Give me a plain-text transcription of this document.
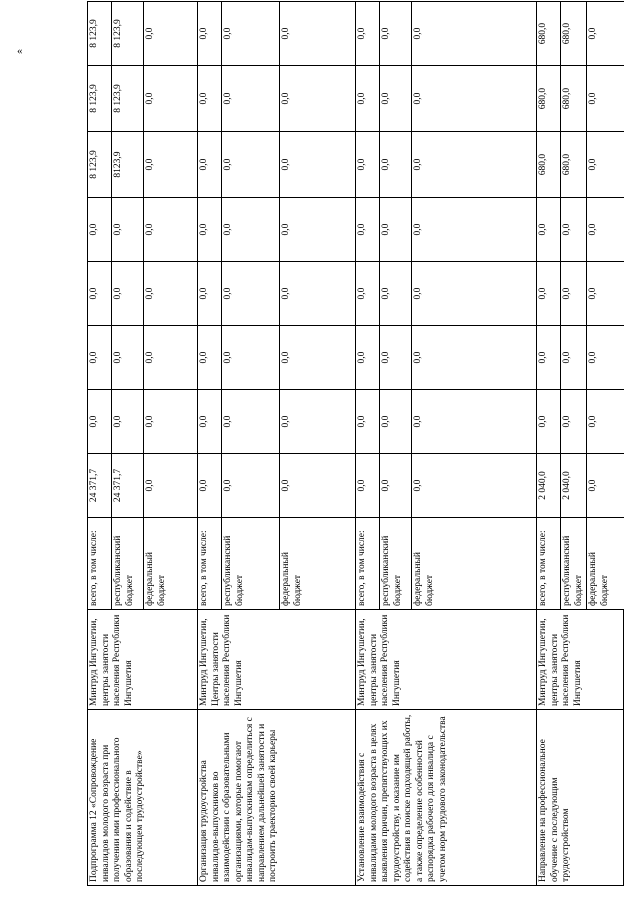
«
Подпрограмма 12 «Сопровождение инвалидов молодого возраста при получении ими профессионального образования и содействие в последующем трудоустройстве»	Минтруд Ингушетии, центры занятости населения Республики Ингушетия	всего, в том числе:	24 371,7	0,0	0,0	0,0	0,0	8 123,9	8 123,9	8 123,9
		республиканский бюджет	24 371,7	0,0	0,0	0,0	0,0	8123,9	8 123,9	8 123,9
		федеральный бюджет	0,0	0,0	0,0	0,0	0,0	0,0	0,0	0,0
Организация трудоустройства инвалидов-выпускников во взаимодействии с образовательными организациями, которые помогают инвалидам-выпускникам определиться с направлением дальнейшей занятости и построить траекторию своей карьеры	Минтруд Ингушетии, Центры занятости населения Республики Ингушетия	всего, в том числе:	0,0	0,0	0,0	0,0	0,0	0,0	0,0	0,0
		республиканский бюджет	0,0	0,0	0,0	0,0	0,0	0,0	0,0	0,0
		федеральный бюджет	0,0	0,0	0,0	0,0	0,0	0,0	0,0	0,0
Установление взаимодействия с инвалидами молодого возраста в целях выявления причин, препятствующих их трудоустройству, и оказание им содействия в поиске подходящей работы, а также определение особенностей распорядка рабочего для инвалида с учетом норм трудового законодательства	Минтруд Ингушетии, центры занятости населения Республики Ингушетия	всего, в том числе:	0,0	0,0	0,0	0,0	0,0	0,0	0,0	0,0
		республиканский бюджет	0,0	0,0	0,0	0,0	0,0	0,0	0,0	0,0
		федеральный бюджет	0,0	0,0	0,0	0,0	0,0	0,0	0,0	0,0
Направление на профессиональное обучение с последующим трудоустройством	Минтруд Ингушетии, центры занятости населения Республики Ингушетия	всего, в том числе:	2 040,0	0,0	0,0	0,0	0,0	680,0	680,0	680,0
		республиканский бюджет	2 040,0	0,0	0,0	0,0	0,0	680,0	680,0	680,0
		федеральный бюджет	0,0	0,0	0,0	0,0	0,0	0,0	0,0	0,0
